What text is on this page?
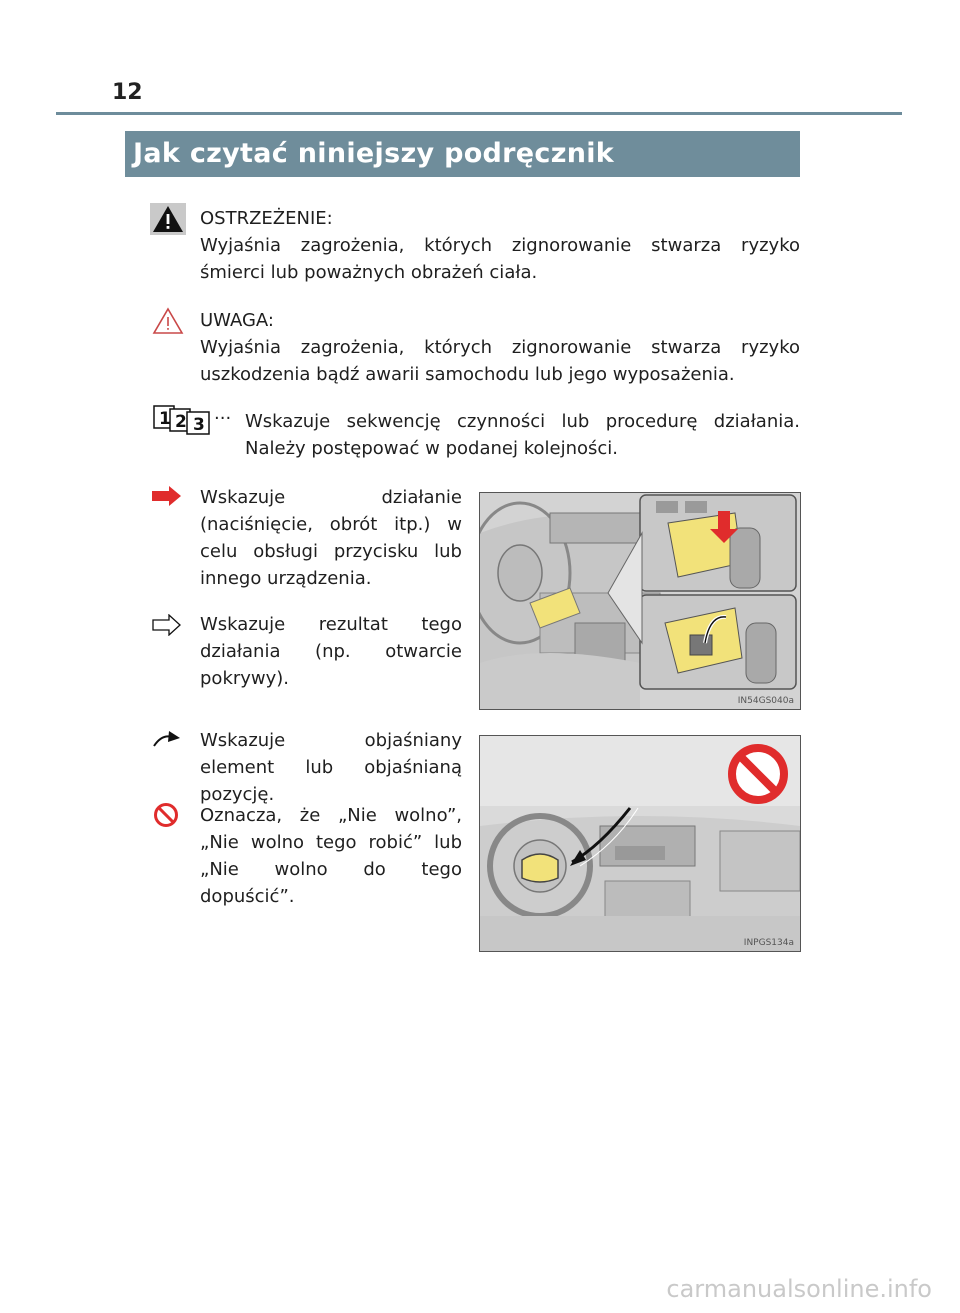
12
Jak czytać niniejszy podręcznik
OSTRZEŻENIE:
Wyjaśnia zagrożenia, których zignorowanie stwarza ryzyko śmierci lub poważnych obrażeń ciała.
UWAGA:
Wyjaśnia zagrożenia, których zignorowanie stwarza ryzyko uszkodzenia bądź awarii samochodu lub jego wyposażenia.
1 2 3 ··· Wskazuje sekwencję czynności lub procedurę działania. Należy postępować w podanej kolejności.
Wskazuje działanie (naciśnięcie, obrót itp.) w celu obsługi przycisku lub innego urządzenia.
Wskazuje rezultat tego działania (np. otwarcie pokrywy).
IN54GS040a
Wskazuje objaśniany element lub objaśnianą pozycję.
Oznacza, że „Nie wolno”, „Nie wolno tego robić” lub „Nie wolno do tego dopuścić”.
INPGS134a
carmanualsonline.info
